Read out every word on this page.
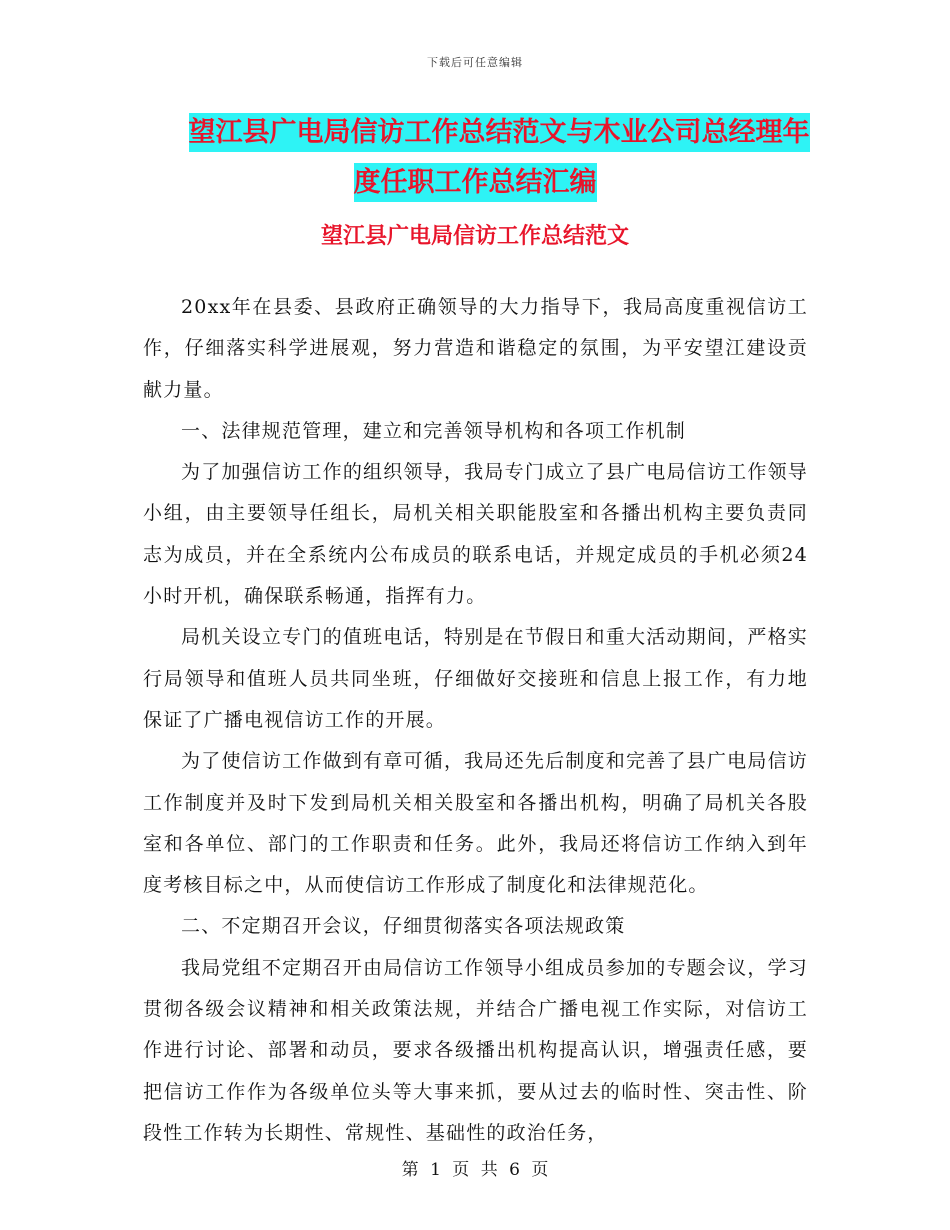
下载后可任意编辑
望江县广电局信访工作总结范文与木业公司总经理年
度任职工作总结汇编
望江县广电局信访工作总结范文

20xx年在县委、县政府正确领导的大力指导下，我局高度重视信访工作，仔细落实科学进展观，努力营造和谐稳定的氛围，为平安望江建设贡献力量。

一、法律规范管理，建立和完善领导机构和各项工作机制

为了加强信访工作的组织领导，我局专门成立了县广电局信访工作领导小组，由主要领导任组长，局机关相关职能股室和各播出机构主要负责同志为成员，并在全系统内公布成员的联系电话，并规定成员的手机必须24小时开机，确保联系畅通，指挥有力。

局机关设立专门的值班电话，特别是在节假日和重大活动期间，严格实行局领导和值班人员共同坐班，仔细做好交接班和信息上报工作，有力地保证了广播电视信访工作的开展。

为了使信访工作做到有章可循，我局还先后制度和完善了县广电局信访工作制度并及时下发到局机关相关股室和各播出机构，明确了局机关各股室和各单位、部门的工作职责和任务。此外，我局还将信访工作纳入到年度考核目标之中，从而使信访工作形成了制度化和法律规范化。

二、不定期召开会议，仔细贯彻落实各项法规政策

我局党组不定期召开由局信访工作领导小组成员参加的专题会议，学习贯彻各级会议精神和相关政策法规，并结合广播电视工作实际，对信访工作进行讨论、部署和动员，要求各级播出机构提高认识，增强责任感，要把信访工作作为各级单位头等大事来抓，要从过去的临时性、突击性、阶段性工作转为长期性、常规性、基础性的政治任务，

第 1 页 共 6 页
